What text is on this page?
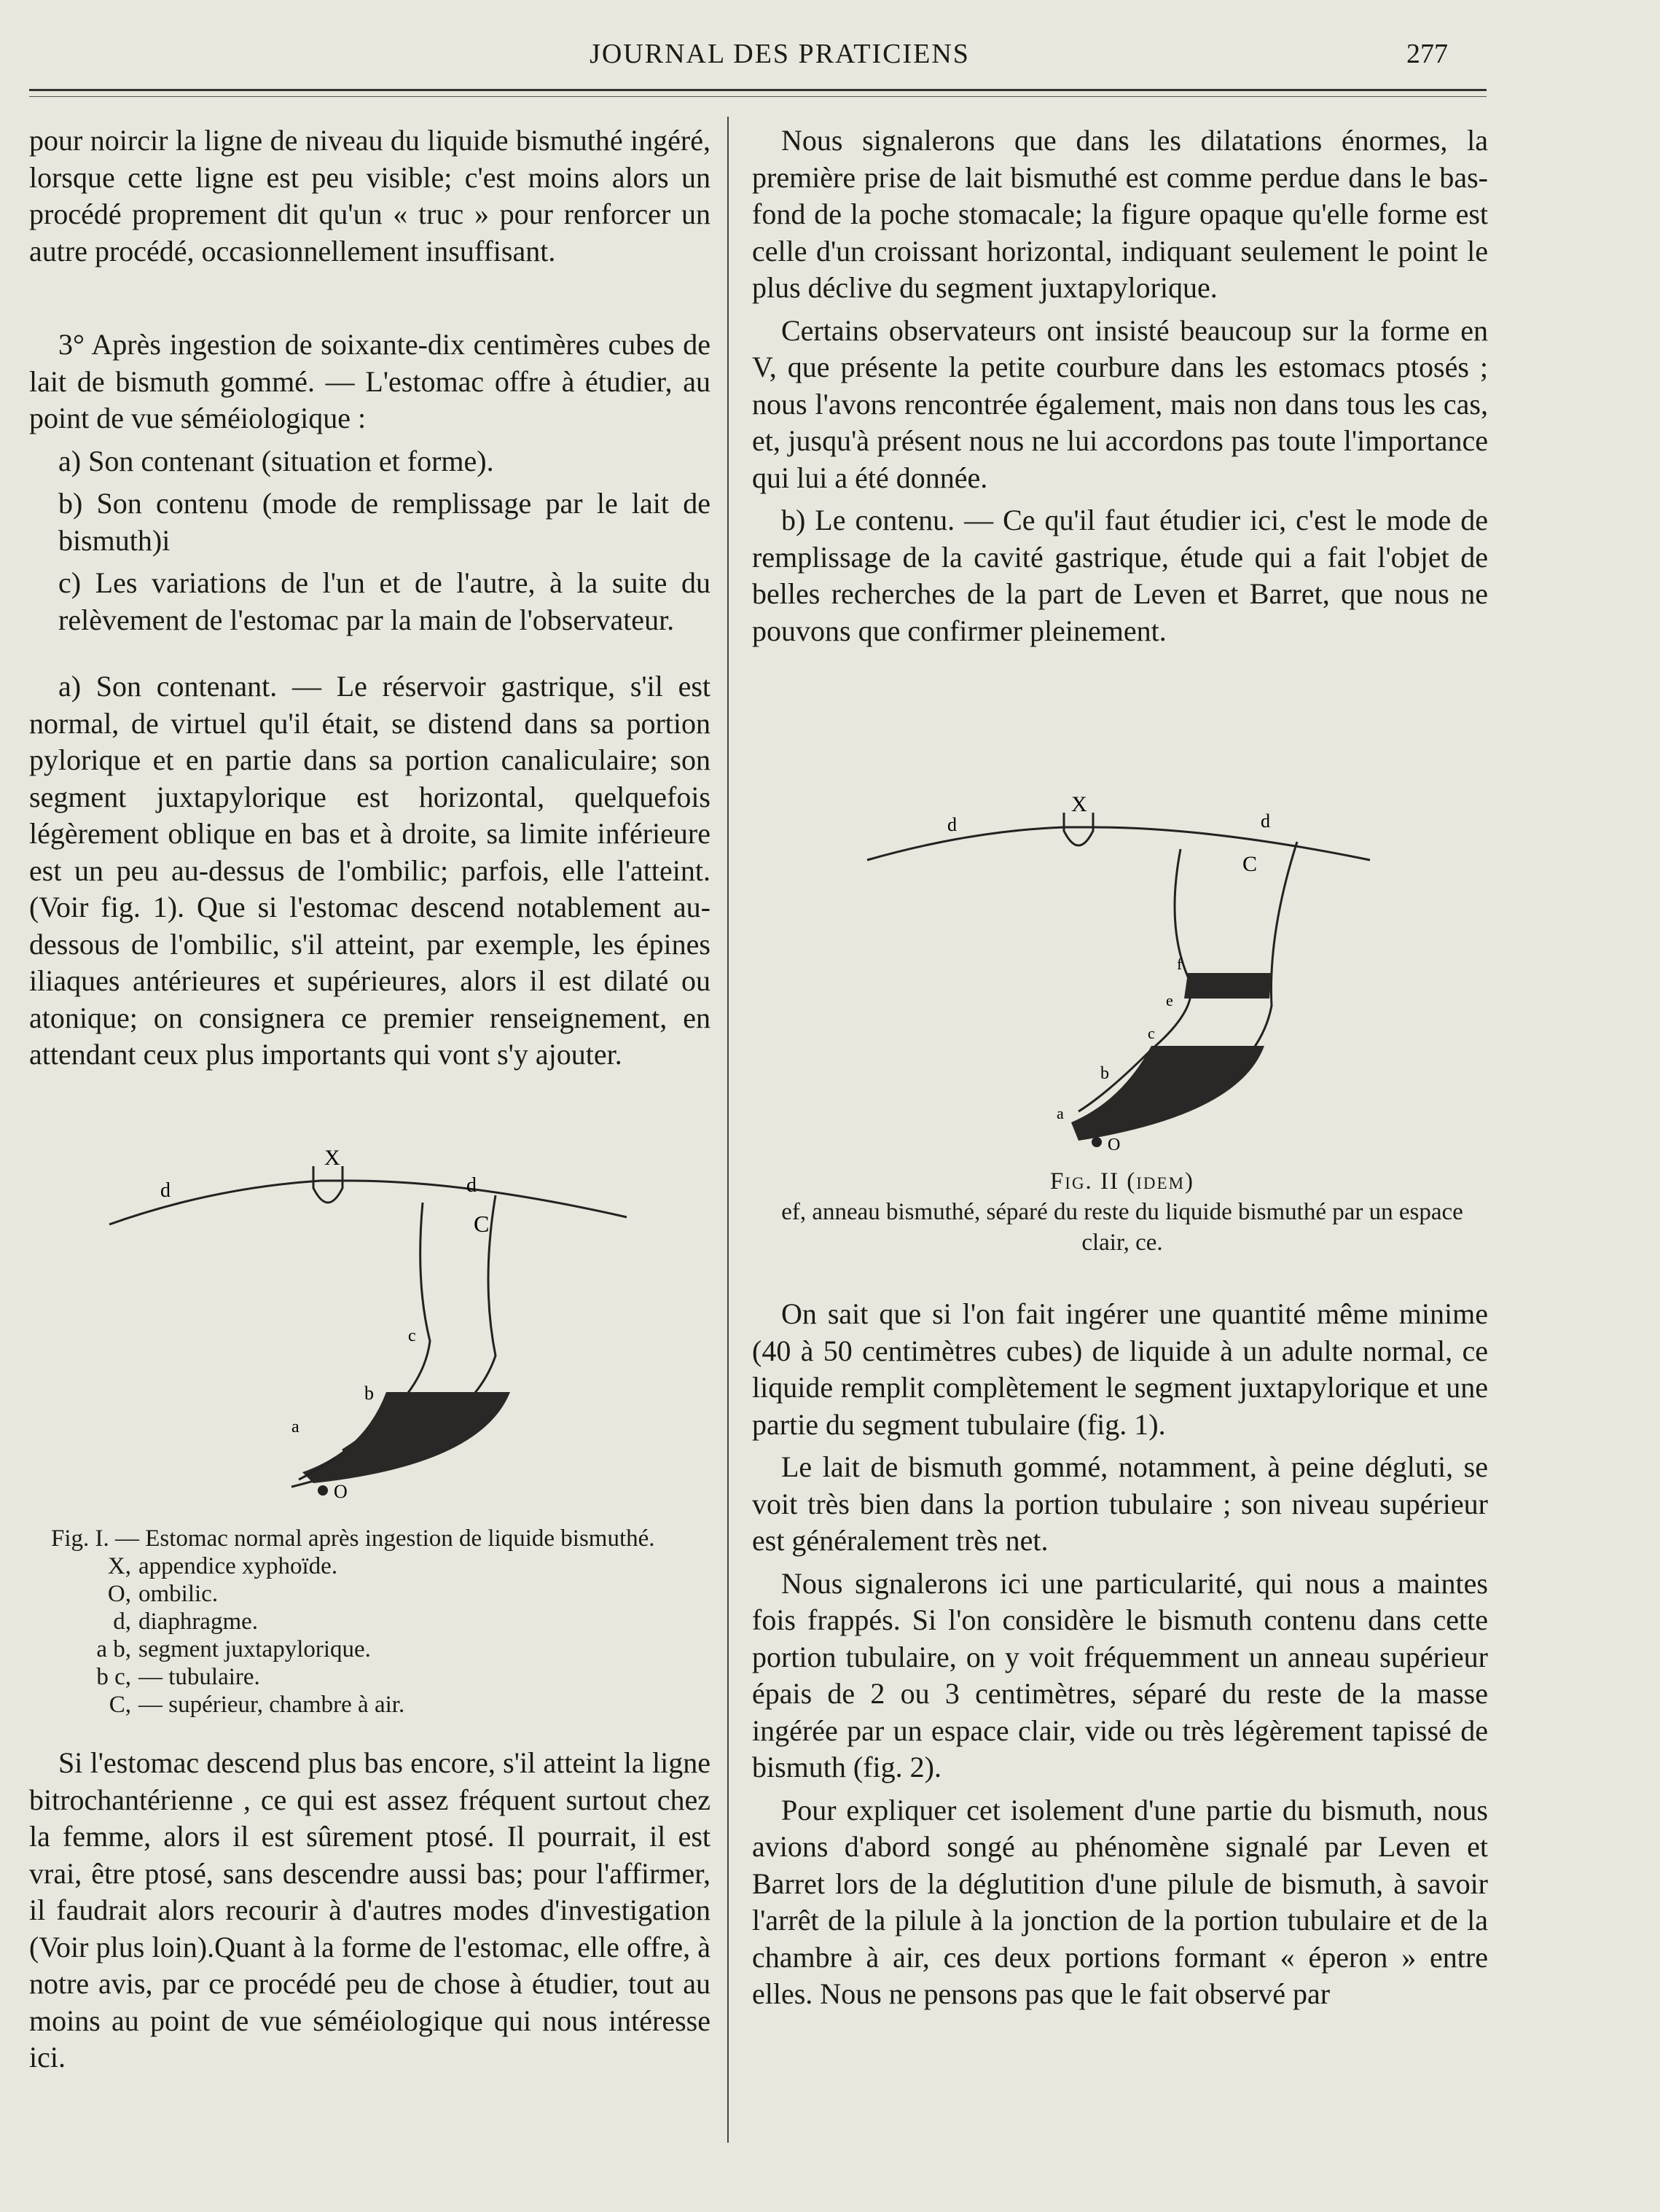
JOURNAL DES PRATICIENS	277

pour noircir la ligne de niveau du liquide bismuthé ingéré, lorsque cette ligne est peu visible; c'est moins alors un procédé proprement dit qu'un « truc » pour renforcer un autre procédé, occasionnellement insuffisant.

3° Après ingestion de soixante-dix centimères cubes de lait de bismuth gommé. — L'estomac offre à étudier, au point de vue séméiologique :

a) Son contenant (situation et forme).

b) Son contenu (mode de remplissage par le lait de bismuth)i

c) Les variations de l'un et de l'autre, à la suite du relèvement de l'estomac par la main de l'observateur.

a) Son contenant. — Le réservoir gastrique, s'il est normal, de virtuel qu'il était, se distend dans sa portion pylorique et en partie dans sa portion canaliculaire; son segment juxtapylorique est horizontal, quelquefois légèrement oblique en bas et à droite, sa limite inférieure est un peu au-dessus de l'ombilic; parfois, elle l'atteint. (Voir fig. 1). Que si l'estomac descend notablement au-dessous de l'ombilic, s'il atteint, par exemple, les épines iliaques antérieures et supérieures, alors il est dilaté ou atonique; on consignera ce premier renseignement, en attendant ceux plus importants qui vont s'y ajouter.

Si l'estomac descend plus bas encore, s'il atteint la ligne bitrochantérienne , ce qui est assez fréquent surtout chez la femme, alors il est sûrement ptosé. Il pourrait, il est vrai, être ptosé, sans descendre aussi bas; pour l'affirmer, il faudrait alors recourir à d'autres modes d'investigation (Voir plus loin).Quant à la forme de l'estomac, elle offre, à notre avis, par ce procédé peu de chose à étudier, tout au moins au point de vue séméiologique qui nous intéresse ici.

X
d	d
C
c
b
a
O
Fig. I. — Estomac normal après ingestion de liquide bismuthé.
X, appendice xyphoïde.
O, ombilic.
d, diaphragme.
a b, segment juxtapylorique.
b c, — tubulaire.
C, — supérieur, chambre à air.

Nous signalerons que dans les dilatations énormes, la première prise de lait bismuthé est comme perdue dans le bas-fond de la poche stomacale; la figure opaque qu'elle forme est celle d'un croissant horizontal, indiquant seulement le point le plus déclive du segment juxtapylorique.

Certains observateurs ont insisté beaucoup sur la forme en V, que présente la petite courbure dans les estomacs ptosés ; nous l'avons rencontrée également, mais non dans tous les cas, et, jusqu'à présent nous ne lui accordons pas toute l'importance qui lui a été donnée.

b) Le contenu. — Ce qu'il faut étudier ici, c'est le mode de remplissage de la cavité gastrique, étude qui a fait l'objet de belles recherches de la part de Leven et Barret, que nous ne pouvons que confirmer pleinement.

On sait que si l'on fait ingérer une quantité même minime (40 à 50 centimètres cubes) de liquide à un adulte normal, ce liquide remplit complètement le segment juxtapylorique et une partie du segment tubulaire (fig. 1).

Le lait de bismuth gommé, notamment, à peine dégluti, se voit très bien dans la portion tubulaire ; son niveau supérieur est généralement très net.

Nous signalerons ici une particularité, qui nous a maintes fois frappés. Si l'on considère le bismuth contenu dans cette portion tubulaire, on y voit fréquemment un anneau supérieur épais de 2 ou 3 centimètres, séparé du reste de la masse ingérée par un espace clair, vide ou très légèrement tapissé de bismuth (fig. 2).

Pour expliquer cet isolement d'une partie du bismuth, nous avions d'abord songé au phénomène signalé par Leven et Barret lors de la déglutition d'une pilule de bismuth, à savoir l'arrêt de la pilule à la jonction de la portion tubulaire et de la chambre à air, ces deux portions formant « éperon » entre elles. Nous ne pensons pas que le fait observé par

X
d	d
C
f
e
c
b
a
O
Fig. II (idem)
ef, anneau bismuthé, séparé du reste du liquide bismuthé par un espace clair, ce.
